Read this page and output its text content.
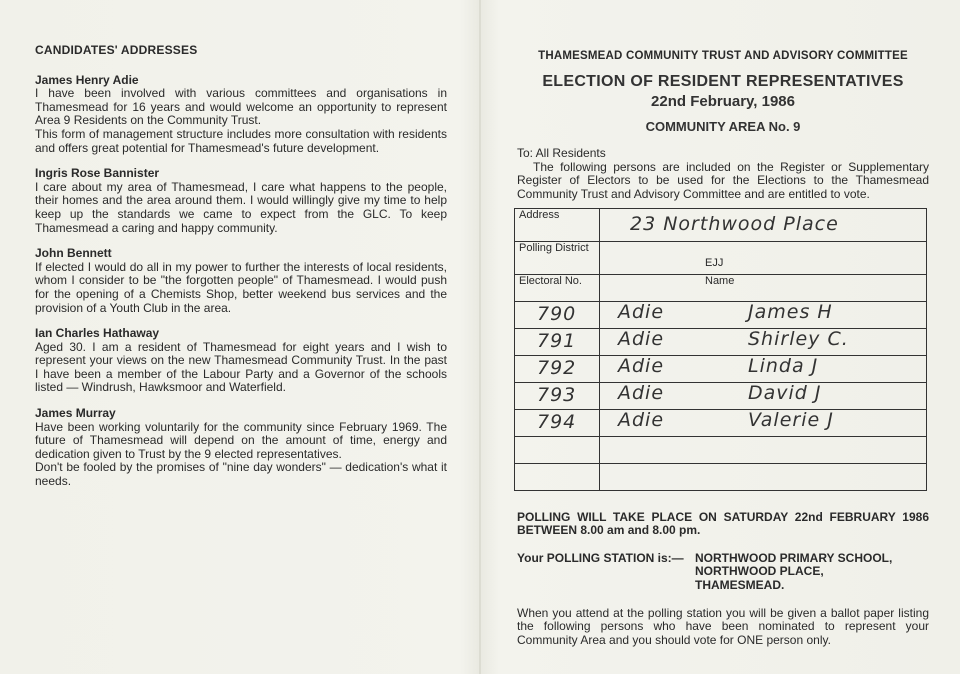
CANDIDATES' ADDRESSES

James Henry Adie

I have been involved with various committees and organisations in Thamesmead for 16 years and would welcome an opportunity to represent Area 9 Residents on the Community Trust.

This form of management structure includes more consultation with residents and offers great potential for Thamesmead's future development.

Ingris Rose Bannister

I care about my area of Thamesmead, I care what happens to the people, their homes and the area around them. I would willingly give my time to help keep up the standards we came to expect from the GLC. To keep Thamesmead a caring and happy community.

John Bennett

If elected I would do all in my power to further the interests of local residents, whom I consider to be "the forgotten people" of Thamesmead. I would push for the opening of a Chemists Shop, better weekend bus services and the provision of a Youth Club in the area.

Ian Charles Hathaway

Aged 30. I am a resident of Thamesmead for eight years and I wish to represent your views on the new Thamesmead Community Trust. In the past I have been a member of the Labour Party and a Governor of the schools listed — Windrush, Hawksmoor and Waterfield.

James Murray

Have been working voluntarily for the community since February 1969. The future of Thamesmead will depend on the amount of time, energy and dedication given to Trust by the 9 elected representatives.

Don't be fooled by the promises of "nine day wonders" — dedication's what it needs.

THAMESMEAD COMMUNITY TRUST AND ADVISORY COMMITTEE

ELECTION OF RESIDENT REPRESENTATIVES

22nd February, 1986

COMMUNITY AREA No. 9

To: All Residents

The following persons are included on the Register or Supplementary Register of Electors to be used for the Elections to the Thamesmead Community Trust and Advisory Committee and are entitled to vote.

Address	23 Northwood Place
Polling District	EJJ
Electoral No.	Name
790	Adie James H
791	Adie Shirley C.
792	Adie Linda J
793	Adie David J
794	Adie Valerie J

POLLING WILL TAKE PLACE ON SATURDAY 22nd FEBRUARY 1986 BETWEEN 8.00 am and 8.00 pm.

Your POLLING STATION is:— NORTHWOOD PRIMARY SCHOOL,

NORTHWOOD PLACE,

THAMESMEAD.

When you attend at the polling station you will be given a ballot paper listing the following persons who have been nominated to represent your Community Area and you should vote for ONE person only.
